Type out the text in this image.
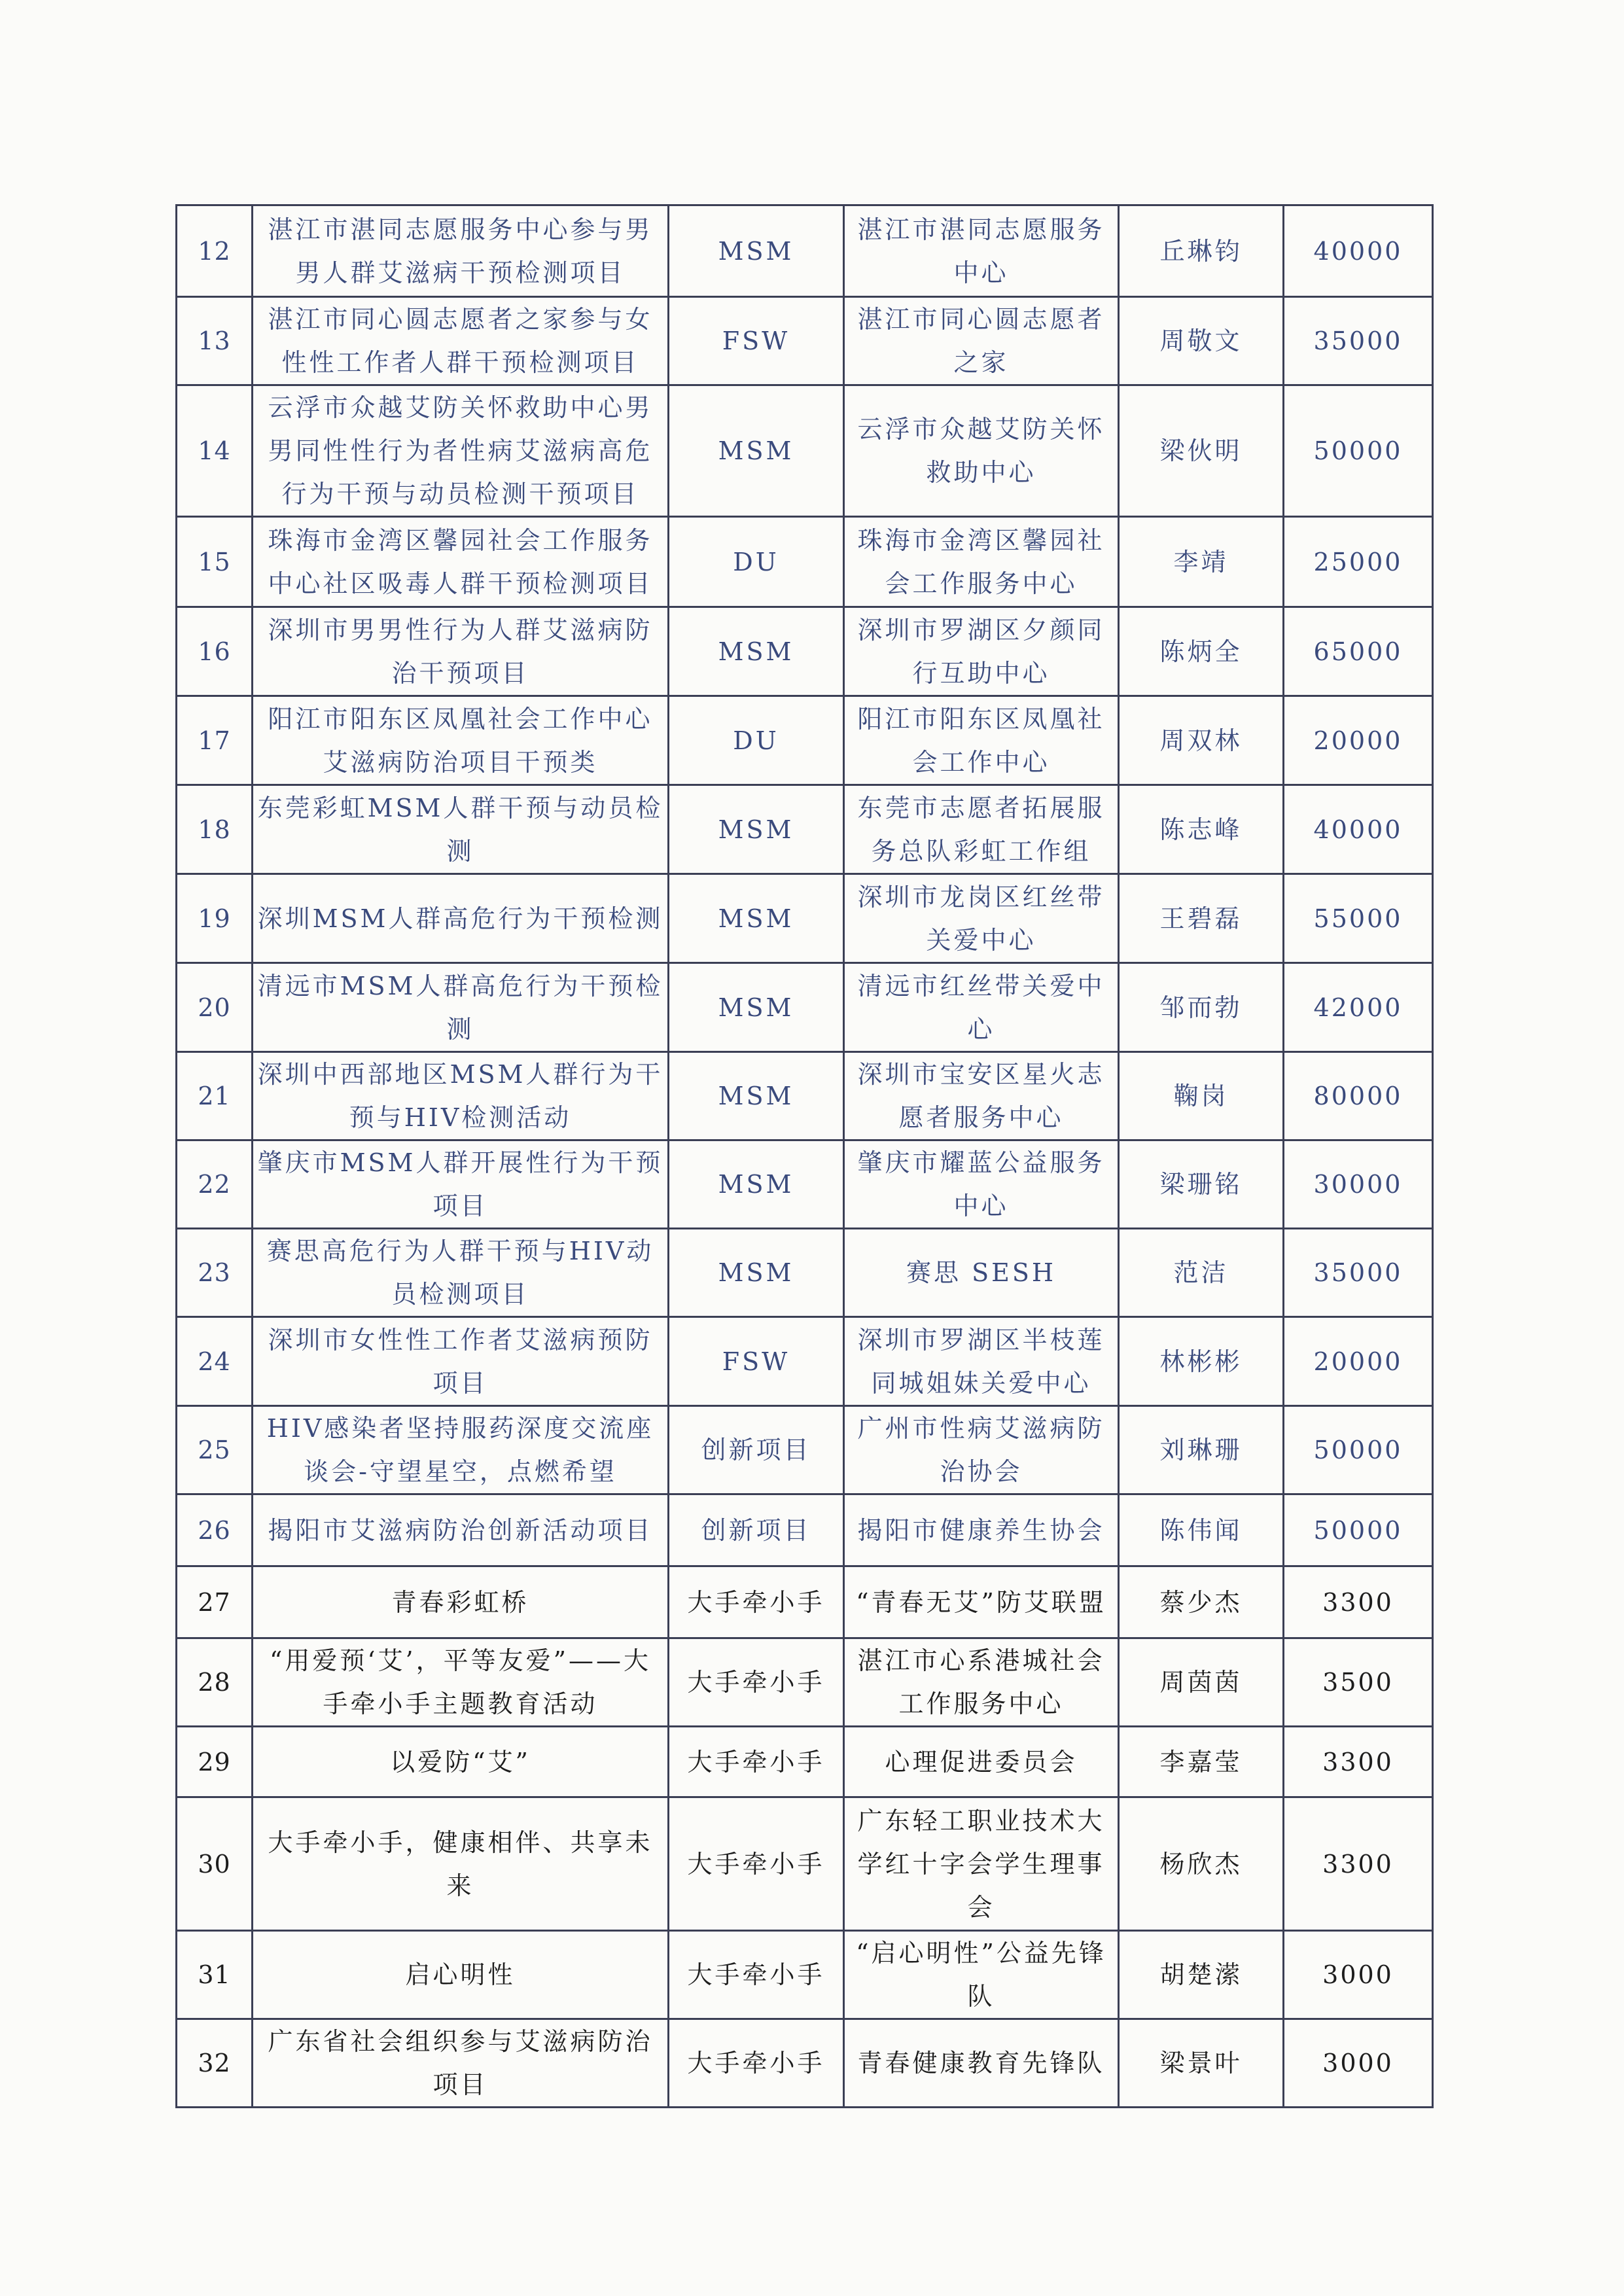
12	湛江市湛同志愿服务中心参与男男人群艾滋病干预检测项目	MSM	湛江市湛同志愿服务中心	丘琳钧	40000
13	湛江市同心圆志愿者之家参与女性性工作者人群干预检测项目	FSW	湛江市同心圆志愿者之家	周敬文	35000
14	云浮市众越艾防关怀救助中心男男同性性行为者性病艾滋病高危行为干预与动员检测干预项目	MSM	云浮市众越艾防关怀救助中心	梁伙明	50000
15	珠海市金湾区馨园社会工作服务中心社区吸毒人群干预检测项目	DU	珠海市金湾区馨园社会工作服务中心	李靖	25000
16	深圳市男男性行为人群艾滋病防治干预项目	MSM	深圳市罗湖区夕颜同行互助中心	陈炳全	65000
17	阳江市阳东区凤凰社会工作中心艾滋病防治项目干预类	DU	阳江市阳东区凤凰社会工作中心	周双林	20000
18	东莞彩虹MSM人群干预与动员检测	MSM	东莞市志愿者拓展服务总队彩虹工作组	陈志峰	40000
19	深圳MSM人群高危行为干预检测	MSM	深圳市龙岗区红丝带关爱中心	王碧磊	55000
20	清远市MSM人群高危行为干预检测	MSM	清远市红丝带关爱中心	邹而勃	42000
21	深圳中西部地区MSM人群行为干预与HIV检测活动	MSM	深圳市宝安区星火志愿者服务中心	鞠岗	80000
22	肇庆市MSM人群开展性行为干预项目	MSM	肇庆市耀蓝公益服务中心	梁珊铭	30000
23	赛思高危行为人群干预与HIV动员检测项目	MSM	赛思 SESH	范洁	35000
24	深圳市女性性工作者艾滋病预防项目	FSW	深圳市罗湖区半枝莲同城姐妹关爱中心	林彬彬	20000
25	HIV感染者坚持服药深度交流座谈会-守望星空，点燃希望	创新项目	广州市性病艾滋病防治协会	刘琳珊	50000
26	揭阳市艾滋病防治创新活动项目	创新项目	揭阳市健康养生协会	陈伟闻	50000
27	青春彩虹桥	大手牵小手	“青春无艾”防艾联盟	蔡少杰	3300
28	“用爱预‘艾’，平等友爱”——大手牵小手主题教育活动	大手牵小手	湛江市心系港城社会工作服务中心	周茵茵	3500
29	以爱防“艾”	大手牵小手	心理促进委员会	李嘉莹	3300
30	大手牵小手，健康相伴、共享未来	大手牵小手	广东轻工职业技术大学红十字会学生理事会	杨欣杰	3300
31	启心明性	大手牵小手	“启心明性”公益先锋队	胡楚潆	3000
32	广东省社会组织参与艾滋病防治项目	大手牵小手	青春健康教育先锋队	梁景叶	3000
